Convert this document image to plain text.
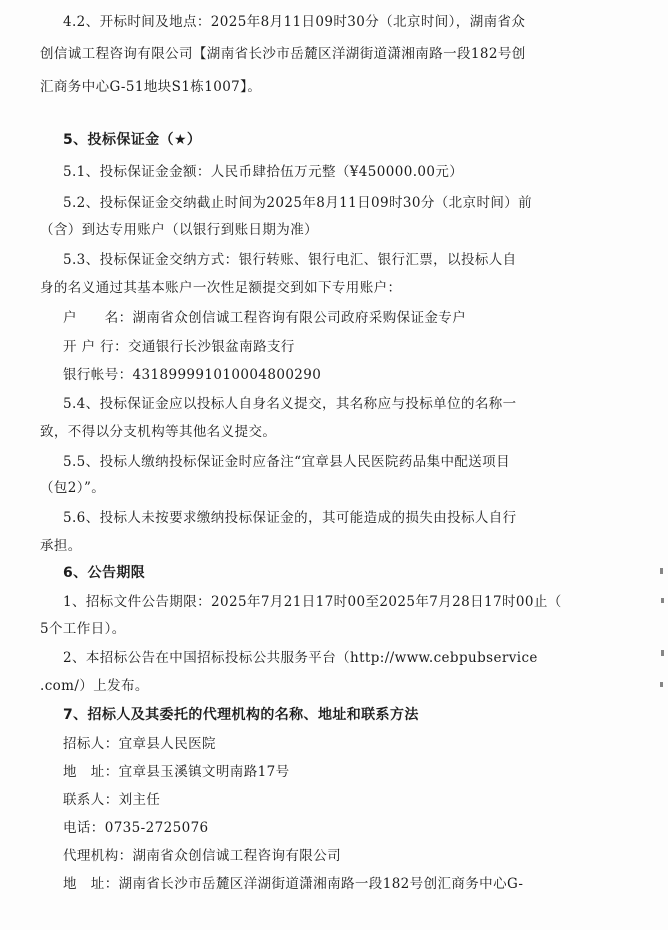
4.2、开标时间及地点：2025年8月11日09时30分（北京时间），湖南省众
创信诚工程咨询有限公司【湖南省长沙市岳麓区洋湖街道潇湘南路一段182号创
汇商务中心G-51地块S1栋1007】。
5、投标保证金（★）
5.1、投标保证金金额：人民币肆拾伍万元整（¥450000.00元）
5.2、投标保证金交纳截止时间为2025年8月11日09时30分（北京时间）前
（含）到达专用账户（以银行到账日期为准）
5.3、投标保证金交纳方式：银行转账、银行电汇、银行汇票，以投标人自
身的名义通过其基本账户一次性足额提交到如下专用账户：
户　　名：湖南省众创信诚工程咨询有限公司政府采购保证金专户
开 户 行：交通银行长沙银盆南路支行
银行帐号：431899991010004800290
5.4、投标保证金应以投标人自身名义提交，其名称应与投标单位的名称一
致，不得以分支机构等其他名义提交。
5.5、投标人缴纳投标保证金时应备注“宜章县人民医院药品集中配送项目
（包2）”。
5.6、投标人未按要求缴纳投标保证金的，其可能造成的损失由投标人自行
承担。
6、公告期限
1、招标文件公告期限：2025年7月21日17时00至2025年7月28日17时00止（
5个工作日）。
2、本招标公告在中国招标投标公共服务平台（http://www.cebpubservice
.com/）上发布。
7、招标人及其委托的代理机构的名称、地址和联系方法
招标人：宜章县人民医院
地　址：宜章县玉溪镇文明南路17号
联系人：刘主任
电话：0735-2725076
代理机构：湖南省众创信诚工程咨询有限公司
地　址：湖南省长沙市岳麓区洋湖街道潇湘南路一段182号创汇商务中心G-
